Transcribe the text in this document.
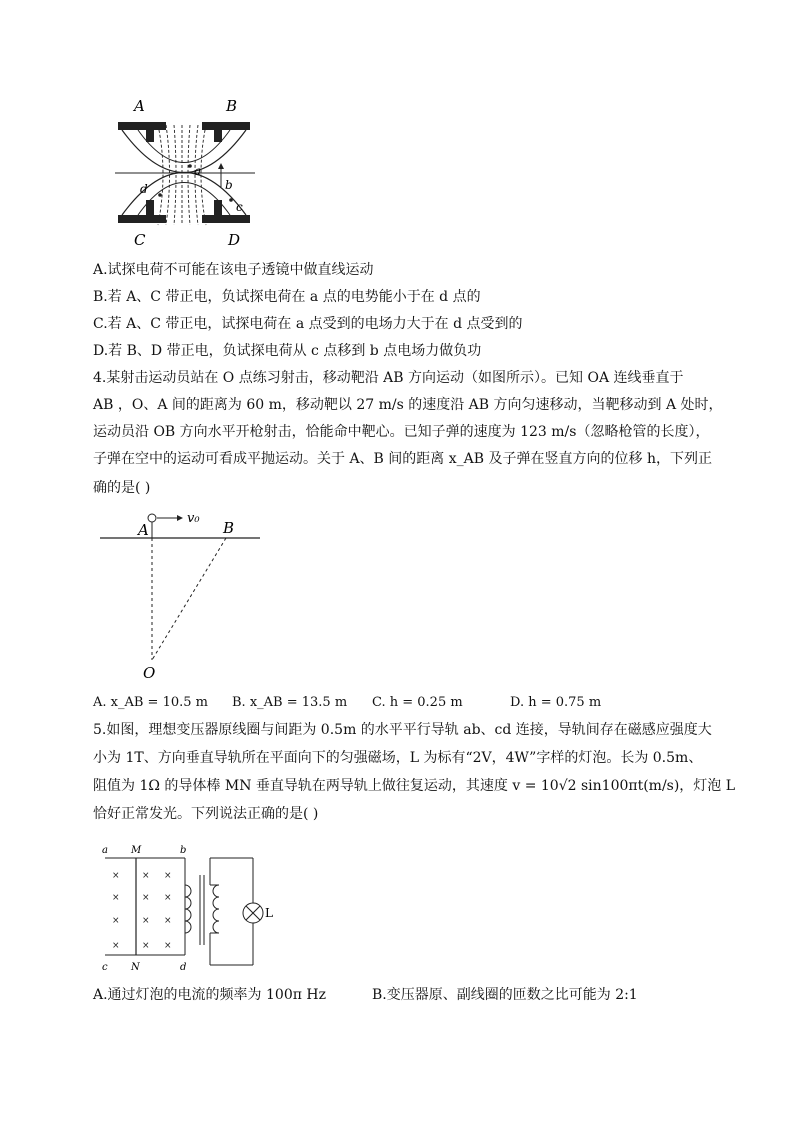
A	B
C	D
a
b
c
d
A.试探电荷不可能在该电子透镜中做直线运动
B.若 A、C 带正电，负试探电荷在 a 点的电势能小于在 d 点的
C.若 A、C 带正电，试探电荷在 a 点受到的电场力大于在 d 点受到的
D.若 B、D 带正电，负试探电荷从 c 点移到 b 点电场力做负功
4.某射击运动员站在 O 点练习射击，移动靶沿 AB 方向运动（如图所示）。已知 OA 连线垂直于
AB ，O、A 间的距离为 60 m，移动靶以 27 m/s 的速度沿 AB 方向匀速移动，当靶移动到 A 处时，
运动员沿 OB 方向水平开枪射击，恰能命中靶心。已知子弹的速度为 123 m/s（忽略枪管的长度），
子弹在空中的运动可看成平抛运动。关于 A、B 间的距离 x_AB 及子弹在竖直方向的位移 h，下列正
确的是( )
A	B
O
v₀
A. x_AB = 10.5 m B. x_AB = 13.5 m C. h = 0.25 m	D. h = 0.75 m
5.如图，理想变压器原线圈与间距为 0.5m 的水平平行导轨 ab、cd 连接，导轨间存在磁感应强度大
小为 1T、方向垂直导轨所在平面向下的匀强磁场，L 为标有“2V，4W”字样的灯泡。长为 0.5m、
阻值为 1Ω 的导体棒 MN 垂直导轨在两导轨上做往复运动，其速度 v = 10√2 sin100πt(m/s)，灯泡 L
恰好正常发光。下列说法正确的是( )
× × ×
× × ×
× × ×
× × ×
a M	b
c N	d
L
A.通过灯泡的电流的频率为 100π Hz	B.变压器原、副线圈的匝数之比可能为 2:1
